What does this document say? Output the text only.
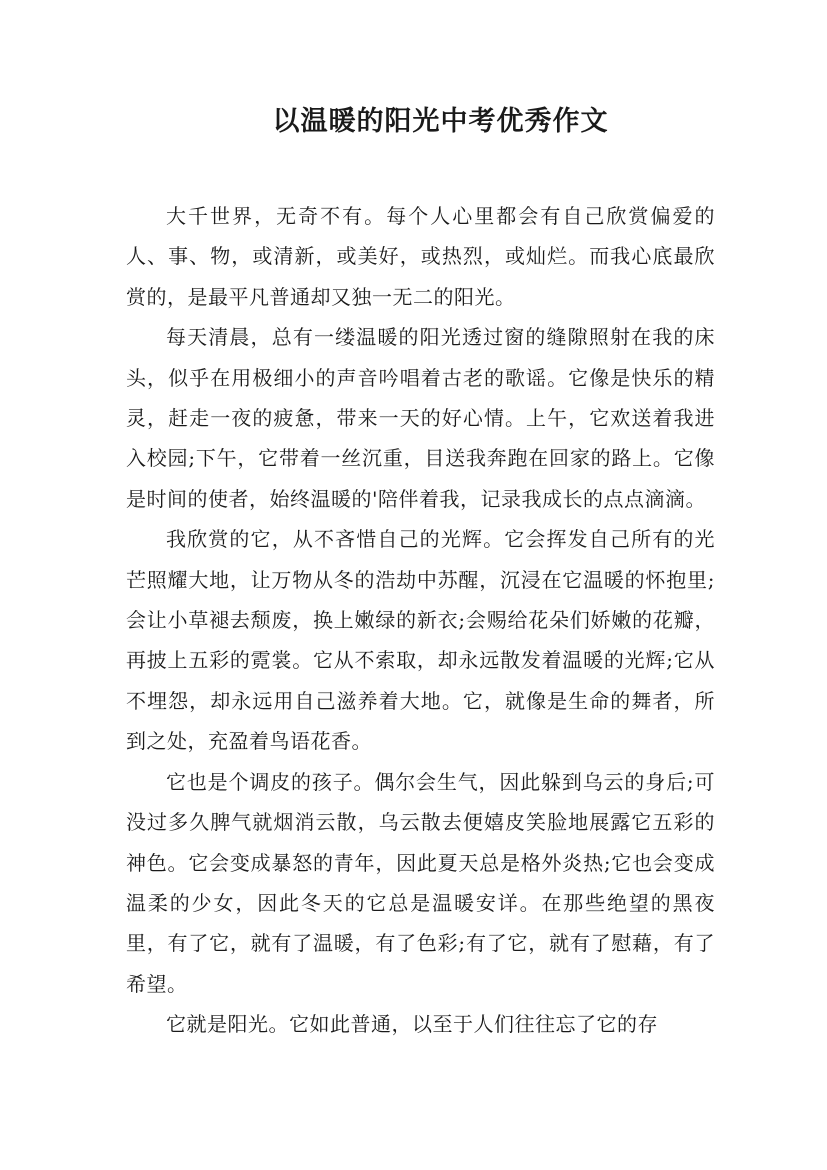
以温暖的阳光中考优秀作文

大千世界，无奇不有。每个人心里都会有自己欣赏偏爱的人、事、物，或清新，或美好，或热烈，或灿烂。而我心底最欣赏的，是最平凡普通却又独一无二的阳光。

每天清晨，总有一缕温暖的阳光透过窗的缝隙照射在我的床头，似乎在用极细小的声音吟唱着古老的歌谣。它像是快乐的精灵，赶走一夜的疲惫，带来一天的好心情。上午，它欢送着我进入校园;下午，它带着一丝沉重，目送我奔跑在回家的路上。它像是时间的使者，始终温暖的'陪伴着我，记录我成长的点点滴滴。

我欣赏的它，从不吝惜自己的光辉。它会挥发自己所有的光芒照耀大地，让万物从冬的浩劫中苏醒，沉浸在它温暖的怀抱里;会让小草褪去颓废，换上嫩绿的新衣;会赐给花朵们娇嫩的花瓣，再披上五彩的霓裳。它从不索取，却永远散发着温暖的光辉;它从不埋怨，却永远用自己滋养着大地。它，就像是生命的舞者，所到之处，充盈着鸟语花香。

它也是个调皮的孩子。偶尔会生气，因此躲到乌云的身后;可没过多久脾气就烟消云散，乌云散去便嬉皮笑脸地展露它五彩的神色。它会变成暴怒的青年，因此夏天总是格外炎热;它也会变成温柔的少女，因此冬天的它总是温暖安详。在那些绝望的黑夜里，有了它，就有了温暖，有了色彩;有了它，就有了慰藉，有了希望。

它就是阳光。它如此普通，以至于人们往往忘了它的存
